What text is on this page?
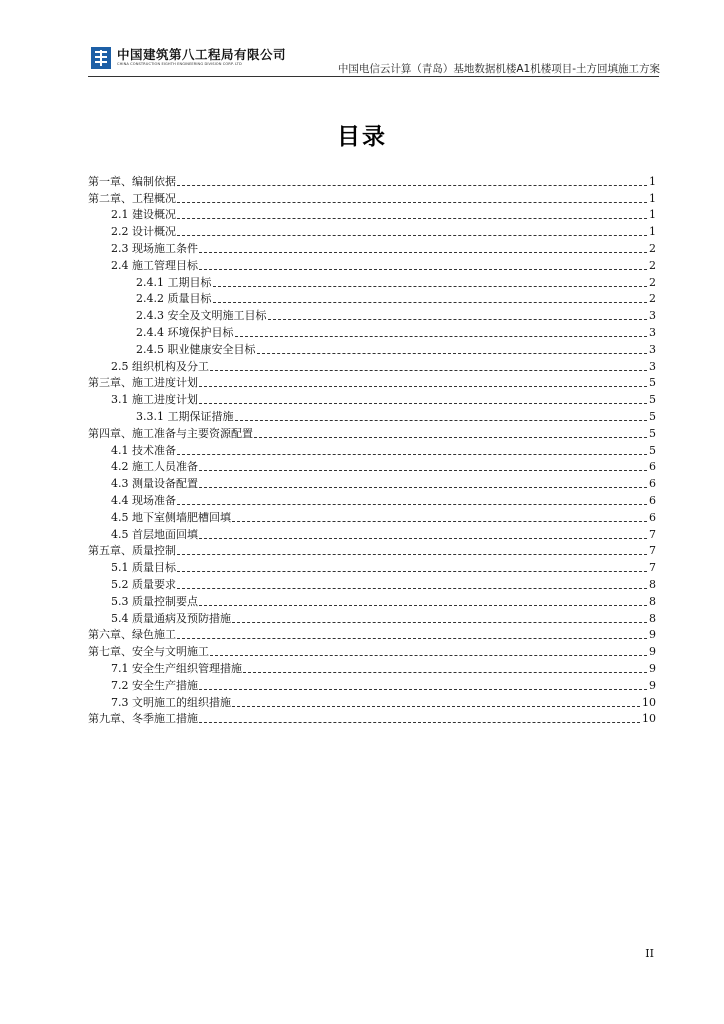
中国建筑第八工程局有限公司
CHINA CONSTRUCTION EIGHTH ENGINEERING DIVISION CORP. LTD	中国电信云计算（青岛）基地数据机楼A1机楼项目-土方回填施工方案
目录
第一章、编制依据	1
第二章、工程概况	1
2.1 建设概况	1
2.2 设计概况	1
2.3 现场施工条件	2
2.4 施工管理目标	2
2.4.1 工期目标	2
2.4.2 质量目标	2
2.4.3 安全及文明施工目标	3
2.4.4 环境保护目标	3
2.4.5 职业健康安全目标	3
2.5 组织机构及分工	3
第三章、施工进度计划	5
3.1 施工进度计划	5
3.3.1 工期保证措施	5
第四章、施工准备与主要资源配置	5
4.1 技术准备	5
4.2 施工人员准备	6
4.3 测量设备配置	6
4.4 现场准备	6
4.5 地下室侧墙肥槽回填	6
4.5 首层地面回填	7
第五章、质量控制	7
5.1 质量目标	7
5.2 质量要求	8
5.3 质量控制要点	8
5.4 质量通病及预防措施	8
第六章、绿色施工	9
第七章、安全与文明施工	9
7.1 安全生产组织管理措施	9
7.2 安全生产措施	9
7.3 文明施工的组织措施	10
第九章、冬季施工措施	10
II
